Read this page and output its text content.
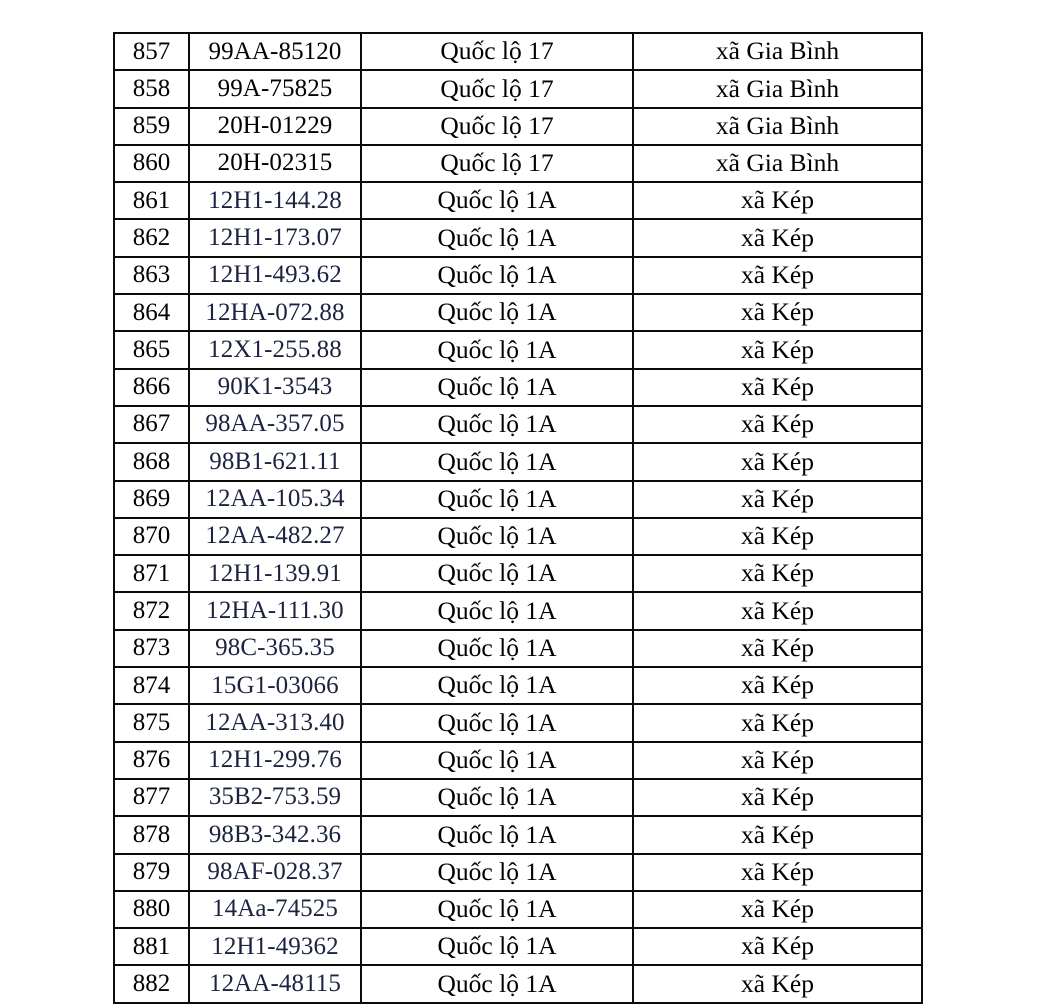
857	99AA-85120	Quốc lộ 17	xã Gia Bình
858	99A-75825	Quốc lộ 17	xã Gia Bình
859	20H-01229	Quốc lộ 17	xã Gia Bình
860	20H-02315	Quốc lộ 17	xã Gia Bình
861	12H1-144.28	Quốc lộ 1A	xã Kép
862	12H1-173.07	Quốc lộ 1A	xã Kép
863	12H1-493.62	Quốc lộ 1A	xã Kép
864	12HA-072.88	Quốc lộ 1A	xã Kép
865	12X1-255.88	Quốc lộ 1A	xã Kép
866	90K1-3543	Quốc lộ 1A	xã Kép
867	98AA-357.05	Quốc lộ 1A	xã Kép
868	98B1-621.11	Quốc lộ 1A	xã Kép
869	12AA-105.34	Quốc lộ 1A	xã Kép
870	12AA-482.27	Quốc lộ 1A	xã Kép
871	12H1-139.91	Quốc lộ 1A	xã Kép
872	12HA-111.30	Quốc lộ 1A	xã Kép
873	98C-365.35	Quốc lộ 1A	xã Kép
874	15G1-03066	Quốc lộ 1A	xã Kép
875	12AA-313.40	Quốc lộ 1A	xã Kép
876	12H1-299.76	Quốc lộ 1A	xã Kép
877	35B2-753.59	Quốc lộ 1A	xã Kép
878	98B3-342.36	Quốc lộ 1A	xã Kép
879	98AF-028.37	Quốc lộ 1A	xã Kép
880	14Aa-74525	Quốc lộ 1A	xã Kép
881	12H1-49362	Quốc lộ 1A	xã Kép
882	12AA-48115	Quốc lộ 1A	xã Kép
